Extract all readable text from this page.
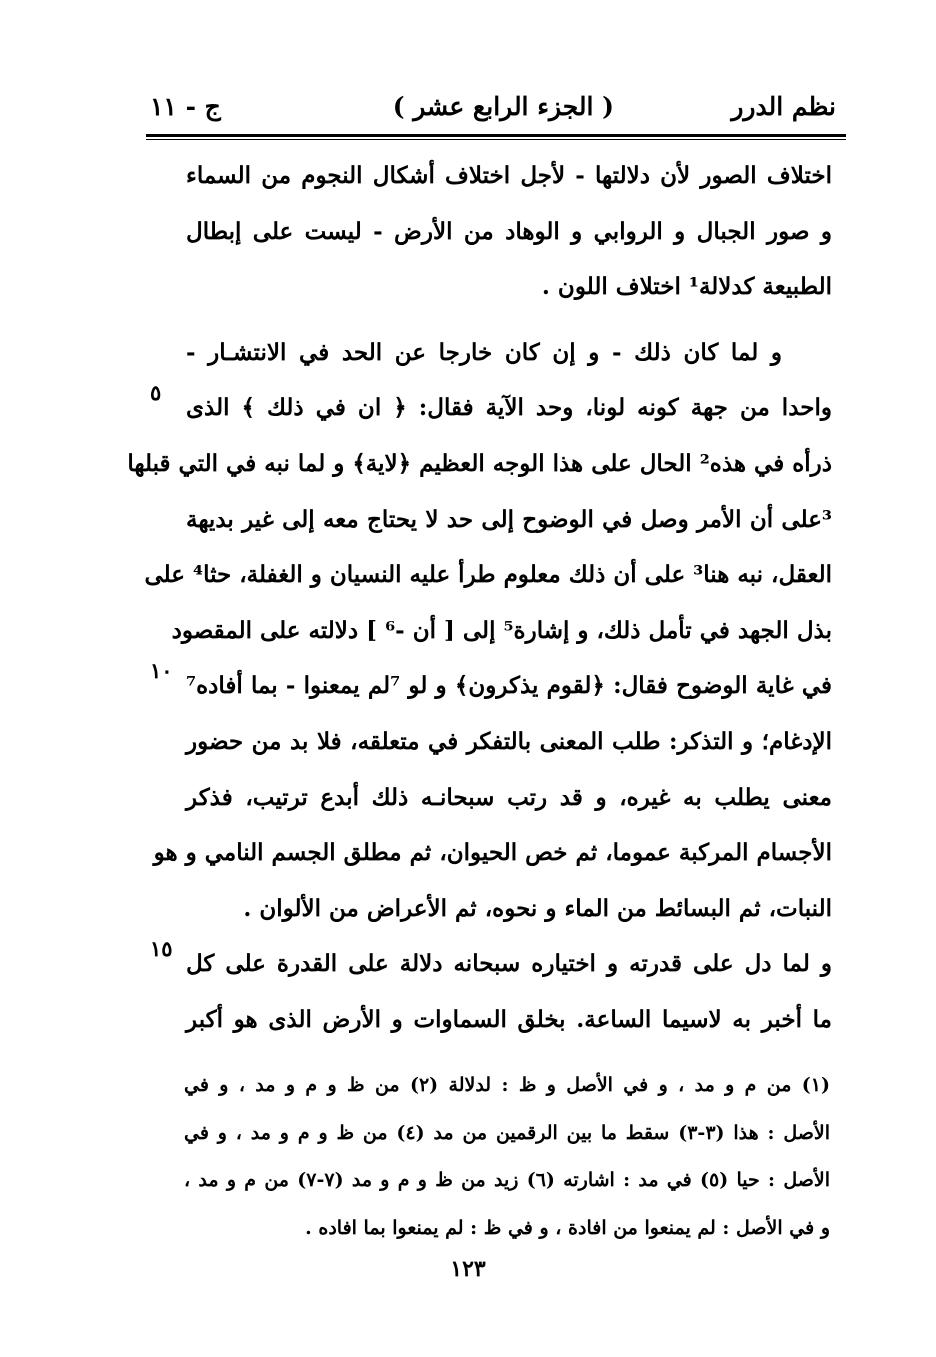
نظم الدرر
( الجزء الرابع عشر )
ج - ١١
اختلاف الصور لأن دلالتها - لأجل اختلاف أشكال النجوم من السماء
و صور الجبال و الروابي و الوهاد من الأرض - ليست على إبطال
الطبيعة كدلالة¹ اختلاف اللون .
و لما كان ذلك - و إن كان خارجا عن الحد في الانتشـار -
واحدا من جهة كونه لونا، وحد الآية فقال: ﴿ ان في ذلك ﴾ الذى
ذرأه في هذه² الحال على هذا الوجه العظيم ﴿لاية﴾ و لما نبه في التي قبلها
³على أن الأمر وصل في الوضوح إلى حد لا يحتاج معه إلى غير بديهة
العقل، نبه هنا³ على أن ذلك معلوم طرأ عليه النسيان و الغفلة، حثا⁴ على
بذل الجهد في تأمل ذلك، و إشارة⁵ إلى [ أن -⁶ ] دلالته على المقصود
في غاية الوضوح فقال: ﴿لقوم يذكرون﴾ و لو ⁷لم يمعنوا - بما أفاده⁷
الإدغام؛ و التذكر: طلب المعنى بالتفكر في متعلقه، فلا بد من حضور
معنى يطلب به غيره، و قد رتب سبحانـه ذلك أبدع ترتيب، فذكر
الأجسام المركبة عموما، ثم خص الحيوان، ثم مطلق الجسم النامي و هو
النبات، ثم البسائط من الماء و نحوه، ثم الأعراض من الألوان .
و لما دل على قدرته و اختياره سبحانه دلالة على القدرة على كل
ما أخبر به لاسيما الساعة. بخلق السماوات و الأرض الذى هو أكبر
٥
١٠
١٥
(١) من م و مد ، و في الأصل و ظ : لدلالة (٢) من ظ و م و مد ، و في
الأصل : هذا (٣-٣) سقط ما بين الرقمين من مد (٤) من ظ و م و مد ، و في
الأصل : حيا (٥) في مد : اشارته (٦) زيد من ظ و م و مد (٧-٧) من م و مد ،
و في الأصل : لم يمنعوا من افادة ، و في ظ : لم يمنعوا بما افاده .
١٢٣
